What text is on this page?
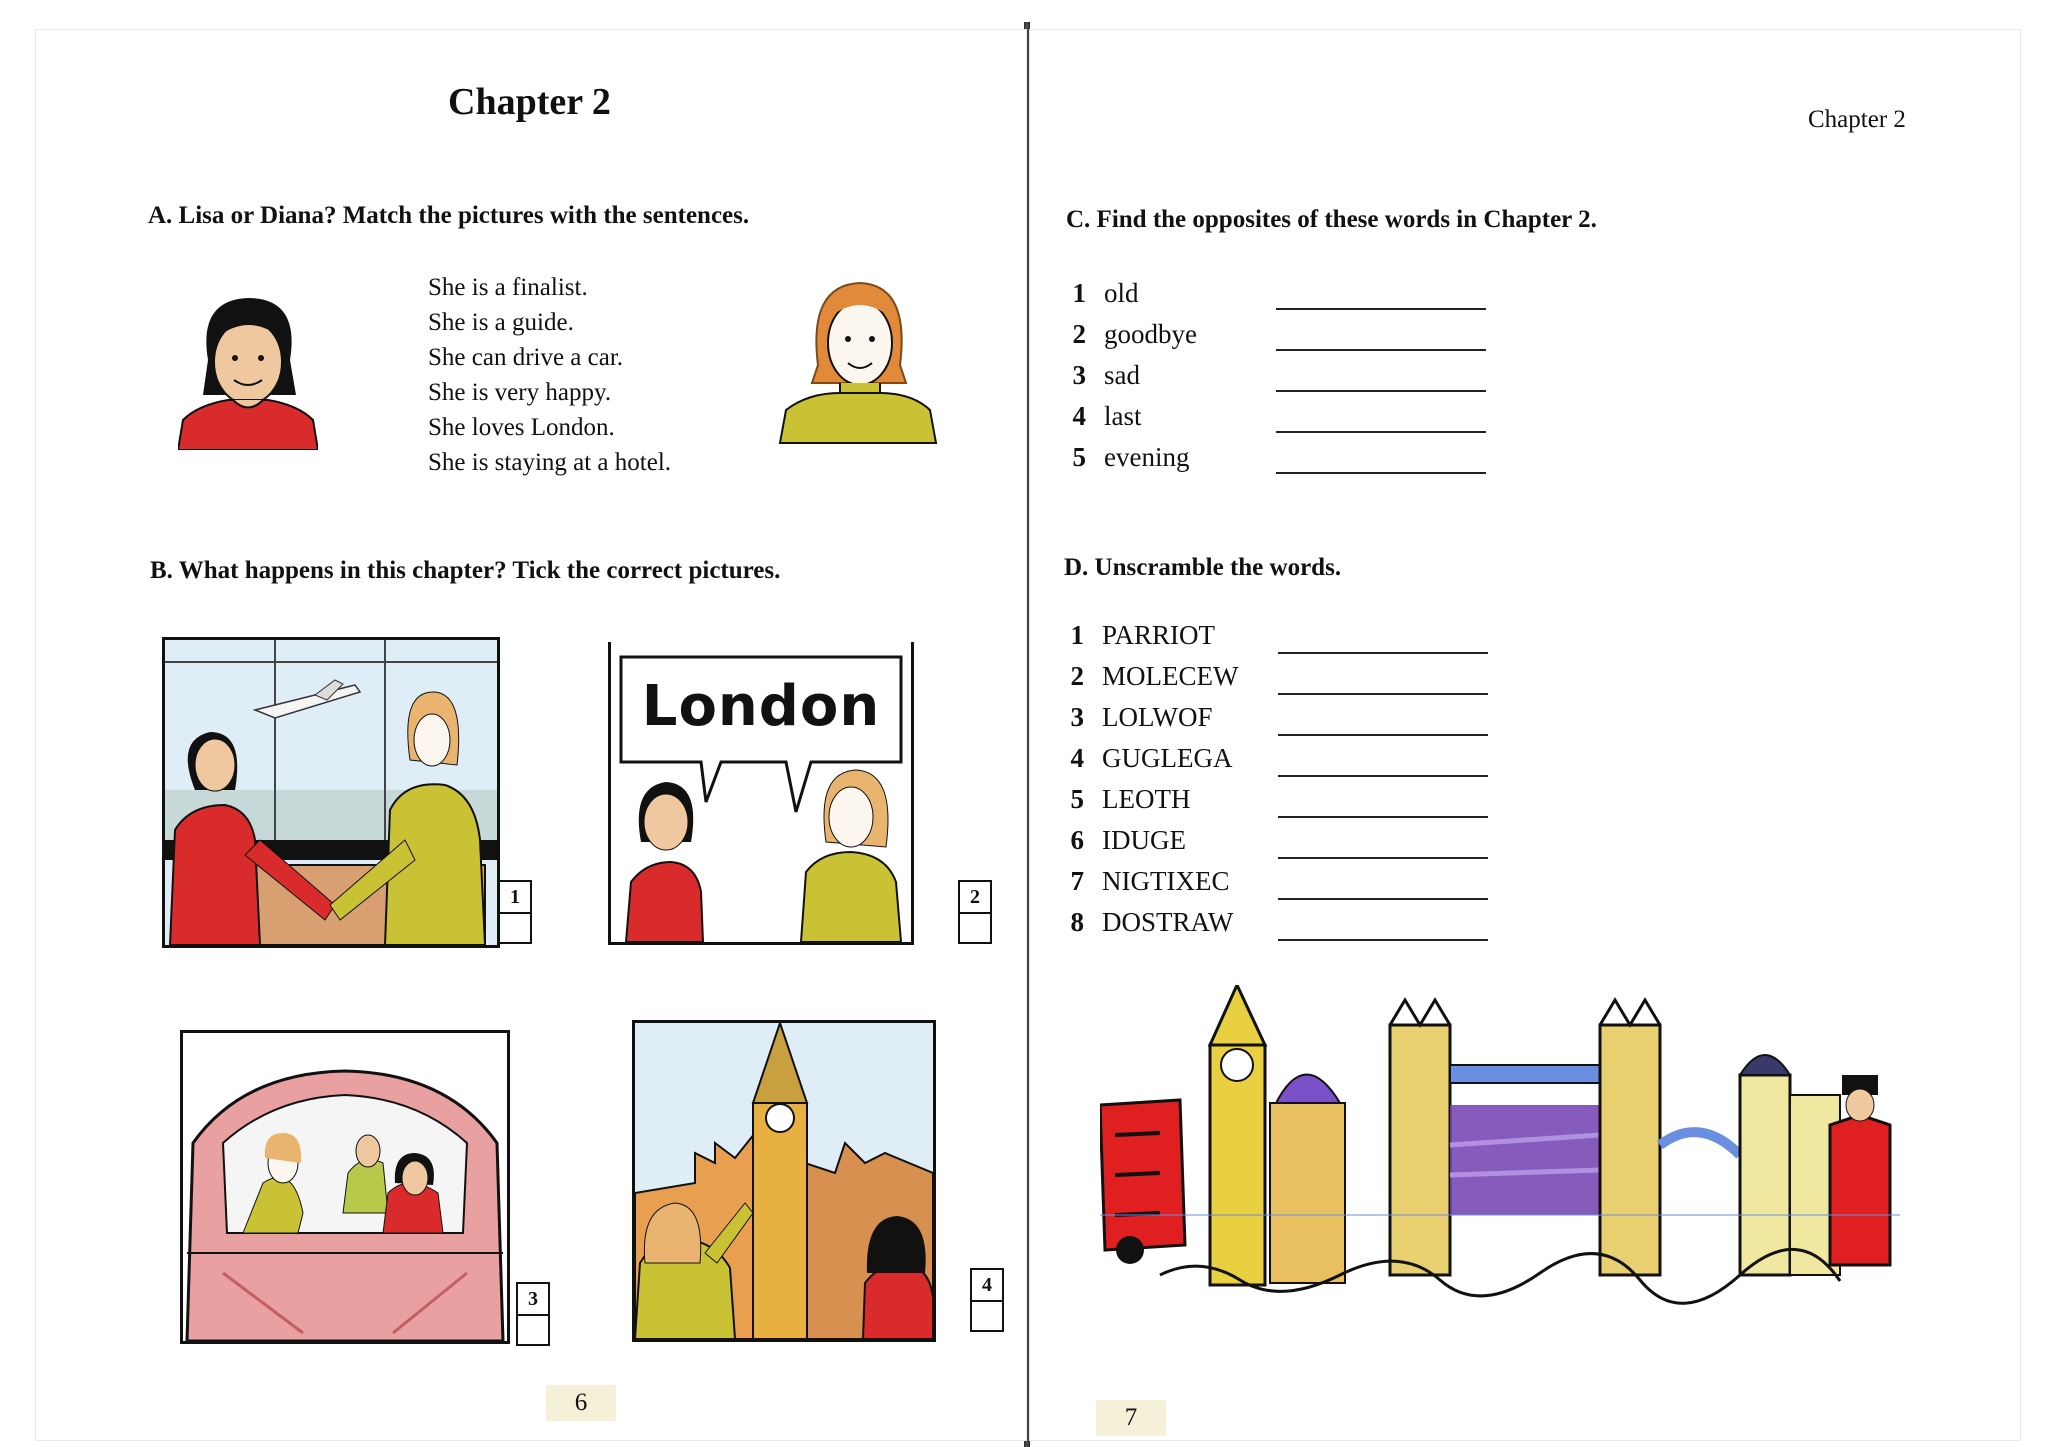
Chapter 2
A. Lisa or Diana? Match the pictures with the sentences.
She is a finalist.
She is a guide.
She can drive a car.
She is very happy.
She loves London.
She is staying at a hotel.
B. What happens in this chapter? Tick the correct pictures.
1
London
2
3
4
6
Chapter 2
C. Find the opposites of these words in Chapter 2.
1 old
2 goodbye
3 sad
4 last
5 evening
D. Unscramble the words.
1 PARRIOT
2 MOLECEW
3 LOLWOF
4 GUGLEGA
5 LEOTH
6 IDUGE
7 NIGTIXEC
8 DOSTRAW
7
